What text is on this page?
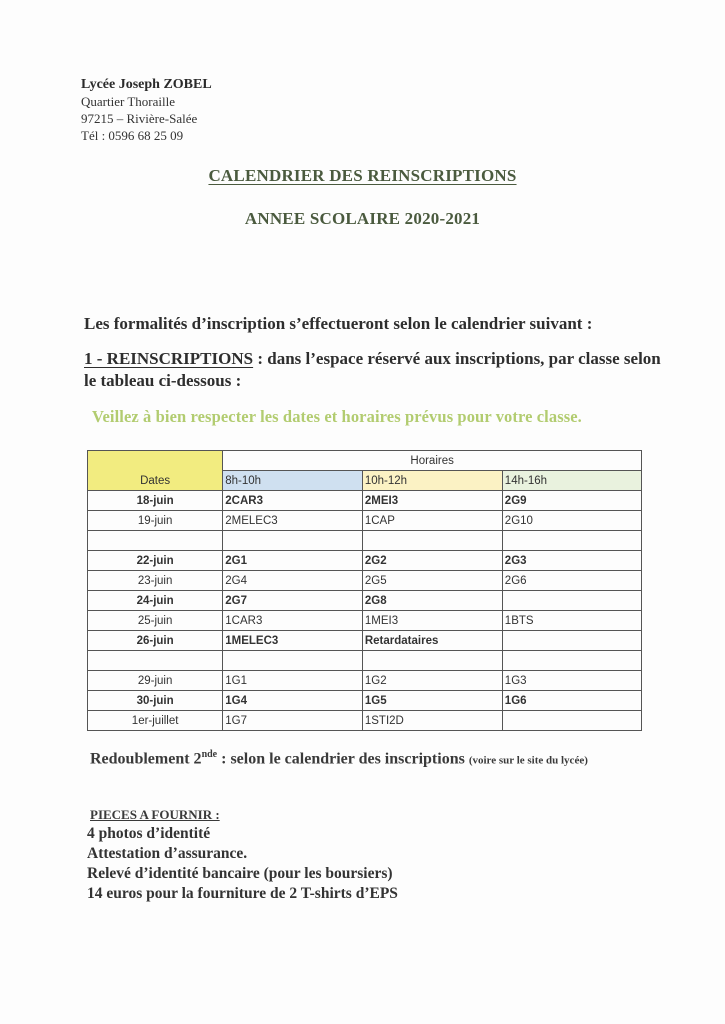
Lycée Joseph ZOBEL
Quartier Thoraille
97215 – Rivière-Salée
Tél : 0596 68 25 09
CALENDRIER DES REINSCRIPTIONS
ANNEE SCOLAIRE 2020-2021
Les formalités d’inscription s’effectueront selon le calendrier suivant :
1 - REINSCRIPTIONS : dans l’espace réservé aux inscriptions, par classe selon le tableau ci-dessous :
Veillez à bien respecter les dates et horaires prévus pour votre classe.
Dates	Horaires		
	8h-10h	10h-12h	14h-16h
18-juin	2CAR3	2MEI3	2G9
19-juin	2MELEC3	1CAP	2G10

22-juin	2G1	2G2	2G3
23-juin	2G4	2G5	2G6
24-juin	2G7	2G8	
25-juin	1CAR3	1MEI3	1BTS
26-juin	1MELEC3	Retardataires	

29-juin	1G1	1G2	1G3
30-juin	1G4	1G5	1G6
1er-juillet	1G7	1STI2D	
Redoublement 2nde : selon le calendrier des inscriptions (voire sur le site du lycée)
PIECES A FOURNIR :
4 photos d’identité
Attestation d’assurance.
Relevé d’identité bancaire (pour les boursiers)
14 euros pour la fourniture de 2 T-shirts d’EPS
